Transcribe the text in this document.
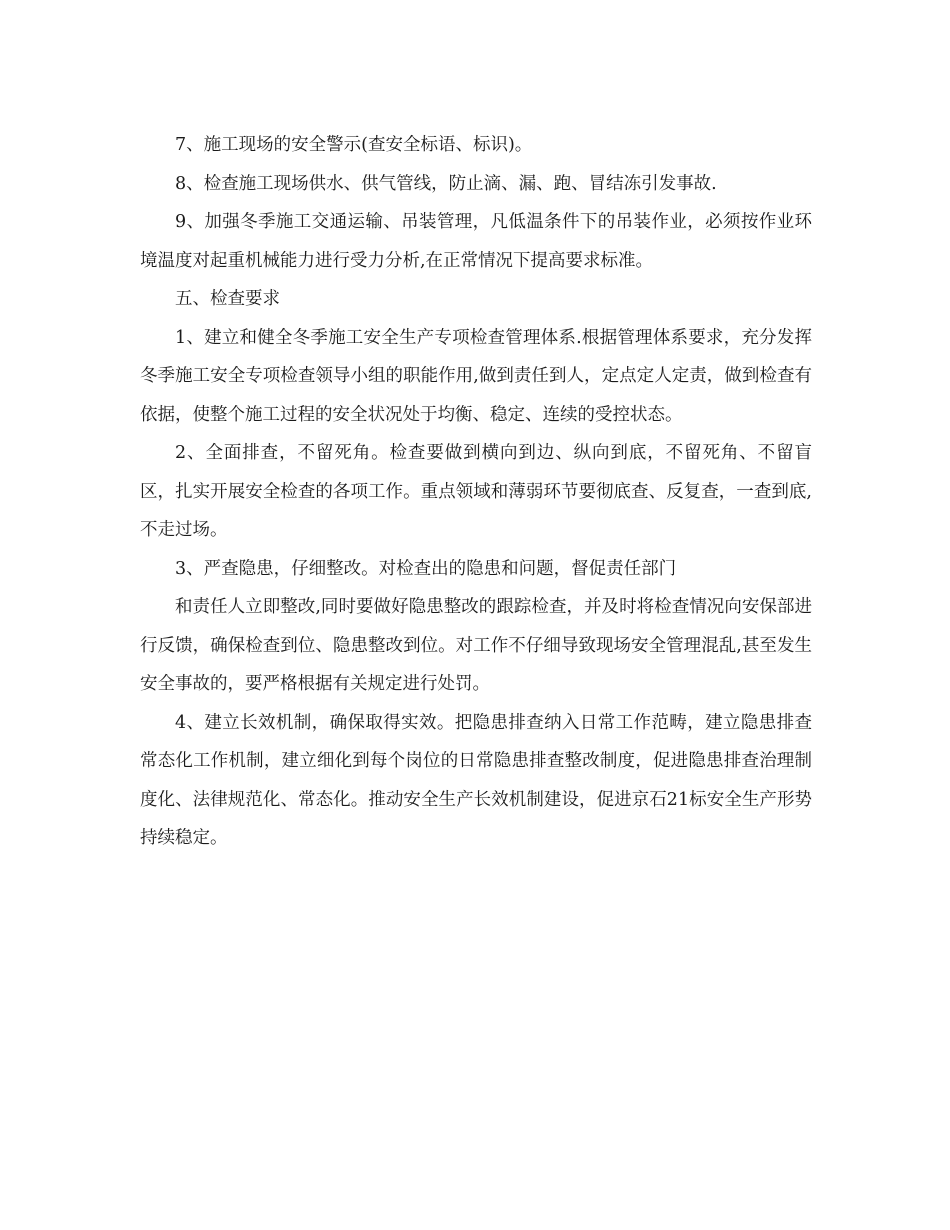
7、施工现场的安全警示(查安全标语、标识)。

8、检查施工现场供水、供气管线，防止滴、漏、跑、冒结冻引发事故.

9、加强冬季施工交通运输、吊装管理，凡低温条件下的吊装作业，必须按作业环境温度对起重机械能力进行受力分析,在正常情况下提高要求标准。

五、检查要求

1、建立和健全冬季施工安全生产专项检查管理体系.根据管理体系要求，充分发挥冬季施工安全专项检查领导小组的职能作用,做到责任到人，定点定人定责，做到检查有依据，使整个施工过程的安全状况处于均衡、稳定、连续的受控状态。

2、全面排查，不留死角。检查要做到横向到边、纵向到底，不留死角、不留盲区，扎实开展安全检查的各项工作。重点领域和薄弱环节要彻底查、反复查，一查到底,不走过场。

3、严查隐患，仔细整改。对检查出的隐患和问题，督促责任部门

和责任人立即整改,同时要做好隐患整改的跟踪检查，并及时将检查情况向安保部进行反馈，确保检查到位、隐患整改到位。对工作不仔细导致现场安全管理混乱,甚至发生安全事故的，要严格根据有关规定进行处罚。

4、建立长效机制，确保取得实效。把隐患排查纳入日常工作范畴，建立隐患排查常态化工作机制，建立细化到每个岗位的日常隐患排查整改制度，促进隐患排查治理制度化、法律规范化、常态化。推动安全生产长效机制建设，促进京石21标安全生产形势持续稳定。
